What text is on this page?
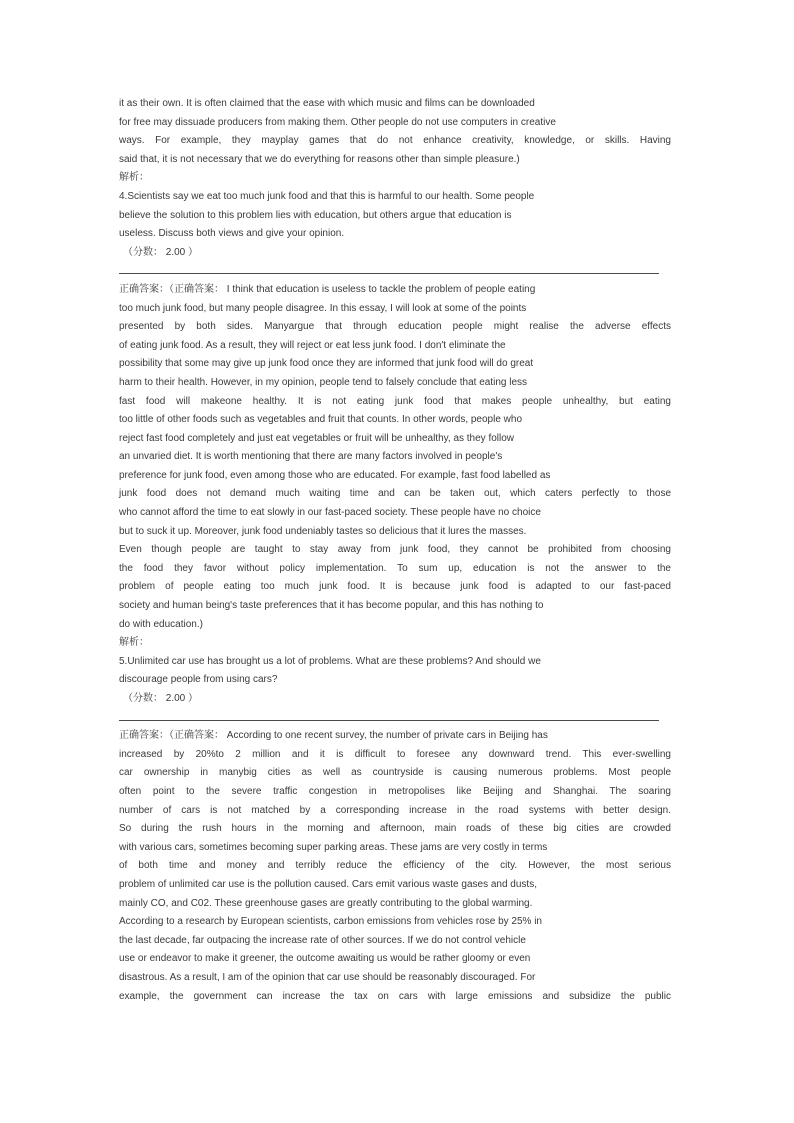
it as their own. It is often claimed that the ease with which music and films can be downloaded
for free may dissuade producers from making them. Other people do not use computers in creative
ways. For example, they mayplay games that do not enhance creativity, knowledge, or skills. Having
said that, it is not necessary that we do everything for reasons other than simple pleasure.)
解析：
4.Scientists say we eat too much junk food and that this is harmful to our health. Some people
believe the solution to this problem lies with education, but others argue that education is
useless. Discuss both views and give your opinion.
（分数： 2.00 ）
正确答案：（正确答案： I think that education is useless to tackle the problem of people eating
too much junk food, but many people disagree. In this essay, I will look at some of the points
presented by both sides. Manyargue that through education people might realise the adverse effects
of eating junk food. As a result, they will reject or eat less junk food. I don't eliminate the
possibility that some may give up junk food once they are informed that junk food will do great
harm to their health. However, in my opinion, people tend to falsely conclude that eating less
fast food will makeone healthy. It is not eating junk food that makes people unhealthy, but eating
too little of other foods such as vegetables and fruit that counts. In other words, people who
reject fast food completely and just eat vegetables or fruit will be unhealthy, as they follow
an unvaried diet. It is worth mentioning that there are many factors involved in people's
preference for junk food, even among those who are educated. For example, fast food labelled as
junk food does not demand much waiting time and can be taken out, which caters perfectly to those
who cannot afford the time to eat slowly in our fast-paced society. These people have no choice
but to suck it up. Moreover, junk food undeniably tastes so delicious that it lures the masses.
Even though people are taught to stay away from junk food, they cannot be prohibited from choosing
the food they favor without policy implementation. To sum up, education is not the answer to the
problem of people eating too much junk food. It is because junk food is adapted to our fast-paced
society and human being's taste preferences that it has become popular, and this has nothing to
do with education.)
解析：
5.Unlimited car use has brought us a lot of problems. What are these problems? And should we
discourage people from using cars?
（分数： 2.00 ）
正确答案：（正确答案： According to one recent survey, the number of private cars in Beijing has
increased by 20%to 2 million and it is difficult to foresee any downward trend. This ever-swelling
car ownership in manybig cities as well as countryside is causing numerous problems. Most people
often point to the severe traffic congestion in metropolises like Beijing and Shanghai. The soaring
number of cars is not matched by a corresponding increase in the road systems with better design.
So during the rush hours in the morning and afternoon, main roads of these big cities are crowded
with various cars, sometimes becoming super parking areas. These jams are very costly in terms
of both time and money and terribly reduce the efficiency of the city. However, the most serious
problem of unlimited car use is the pollution caused. Cars emit various waste gases and dusts,
mainly CO, and C02. These greenhouse gases are greatly contributing to the global warming.
According to a research by European scientists, carbon emissions from vehicles rose by 25% in
the last decade, far outpacing the increase rate of other sources. If we do not control vehicle
use or endeavor to make it greener, the outcome awaiting us would be rather gloomy or even
disastrous. As a result, I am of the opinion that car use should be reasonably discouraged. For
example, the government can increase the tax on cars with large emissions and subsidize the public
